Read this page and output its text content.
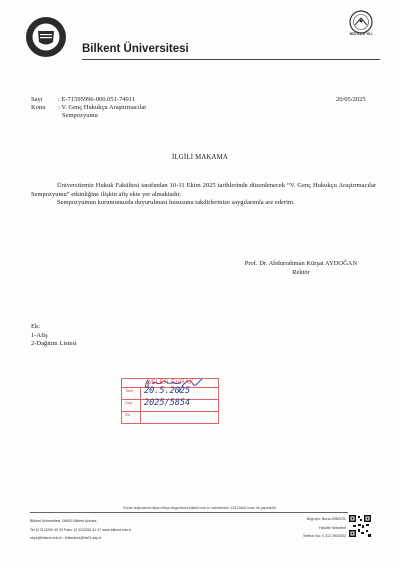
Bilkent Üniversitesi
BİZİ AİLE YILI
Sayı : E-71595996-000.051-74911
Konu : V. Genç Hukukçu Araştırmacılar
Sempozyumu
20/05/2025
İLGİLİ MAKAMA

Üniversitemiz Hukuk Fakültesi tarafından 10-11 Ekim 2025 tarihlerinde düzenlenecek “V. Genç Hukukçu Araştırmacılar Sempozyumu” etkinliğine ilişkin afiş ekte yer almaktadır.

Sempozyumun kurumunuzda duyurulması hususunu takdirlerinize saygılarımla arz ederim.

Prof. Dr. Abdurrahman Kürşat AYDOĞAN
Rektör
Ek:
1-Afiş
2-Dağıtım Listesi
GELEN EVRAK
Tarih 20.5.2025
Sayı 2025/5854
Eki
Evrak doğrulama https://ebys-dogrulama.bilkent.edu.tr/ adresinden 125128d2 kodu ile yapılabilir.
Bilkent Üniversitesi, 06800 Bilkent Ankara
Tel (0 312)290 40 00 Faks: (0 312)266 41 27 www.bilkent.edu.tr
ebys@bilkent.edu.tr - bilkentuni@hs01.kep.tr
Bilgi için: Burcu BİNGÖL
Fakülte Sekreteri
Telefon No: 0 312 2903302
